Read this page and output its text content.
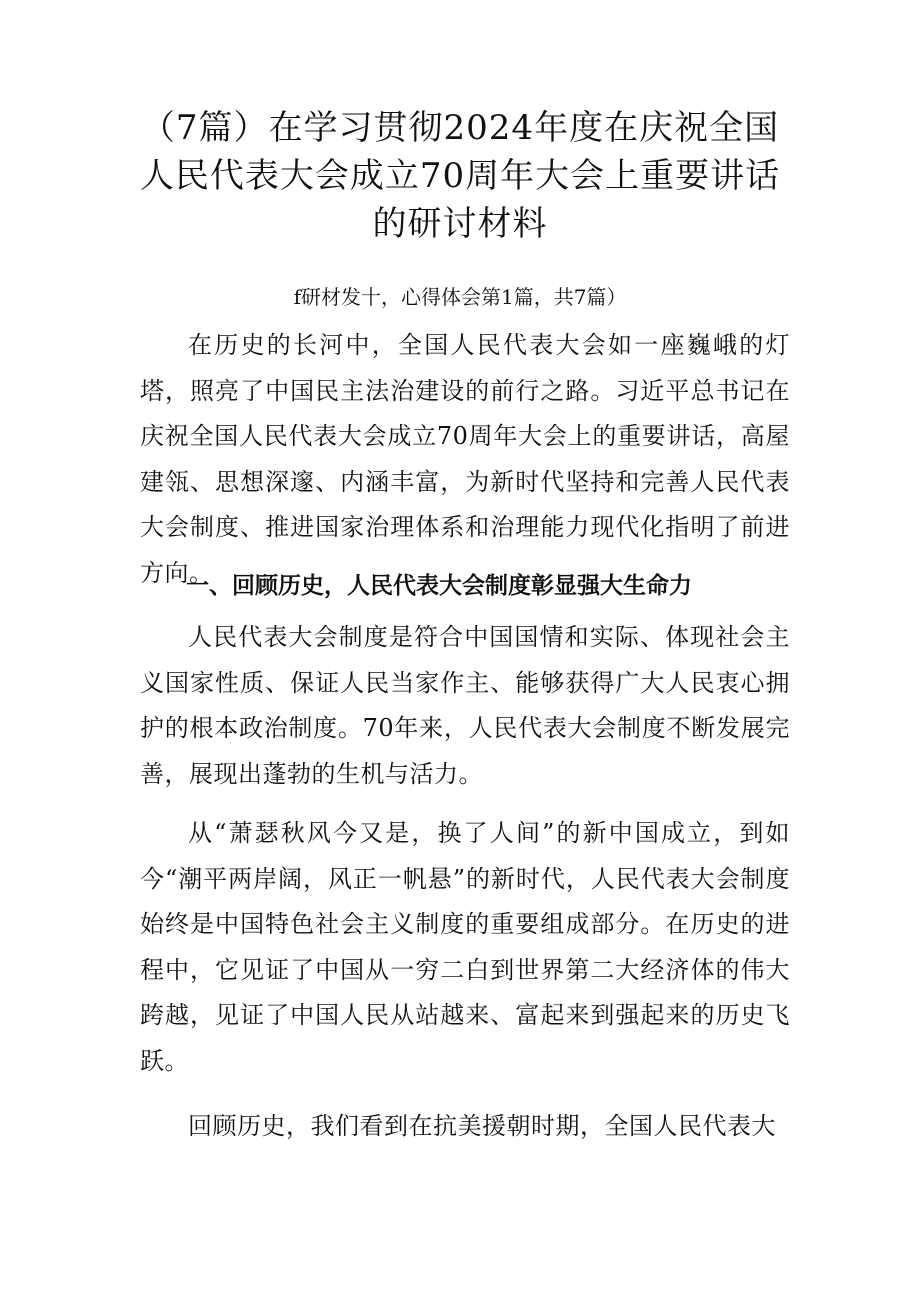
（7篇）在学习贯彻2024年度在庆祝全国
人民代表大会成立70周年大会上重要讲话
的研讨材料

f研材发十，心得体会第1篇，共7篇）

在历史的长河中，全国人民代表大会如一座巍峨的灯塔，照亮了中国民主法治建设的前行之路。习近平总书记在庆祝全国人民代表大会成立70周年大会上的重要讲话，高屋建瓴、思想深邃、内涵丰富，为新时代坚持和完善人民代表大会制度、推进国家治理体系和治理能力现代化指明了前进方向。

一、回顾历史，人民代表大会制度彰显强大生命力

人民代表大会制度是符合中国国情和实际、体现社会主义国家性质、保证人民当家作主、能够获得广大人民衷心拥护的根本政治制度。70年来，人民代表大会制度不断发展完善，展现出蓬勃的生机与活力。

从“萧瑟秋风今又是，换了人间”的新中国成立，到如今“潮平两岸阔，风正一帆悬”的新时代，人民代表大会制度始终是中国特色社会主义制度的重要组成部分。在历史的进程中，它见证了中国从一穷二白到世界第二大经济体的伟大跨越，见证了中国人民从站越来、富起来到强起来的历史飞跃。

回顾历史，我们看到在抗美援朝时期，全国人民代表大
